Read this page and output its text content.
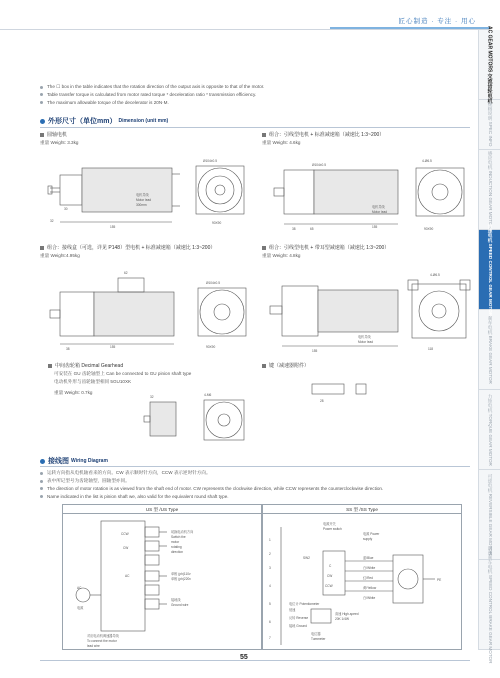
匠心制造 · 专注 · 用心
AC GEAR MOTORS 交流齿轮电机
规格说明 SPEC INFO
感应电机 INDUCTION GEAR MOTOR
调速电机 SPEED CONTROL GEAR MOTOR
刹车电机 BRAKE GEAR MOTOR
力矩电机 TORQUE GEAR MOTOR
可逆电机 REVERSIBLE GEAR MOTOR
调速刹车电机 SPEED CONTROL BRAKE GEAR MOTOR
The ☐ box in the table indicates that the rotation direction of the output axis is opposite to that of the motor.
Table transfer torque is calculated from motor rated torque * deceleration ratio * transmission efficiency.
The maximum allowable torque of the decelerator is 20N·M.
外形尺寸（单位mm） Dimension (unit mm)
圆轴电机
重量 Weight: 3.3kg
155
电机导线
Motor lead
300mm
Ø104±0.5
90X90
30
32
组合：引线型电机 + 标准减速箱（减速比 1:3~200）
重量 Weight: 4.6kg
38	65	155
电机导线
Motor lead
90X90
4-Ø6.5
Ø104±0.5
组合：接线盒（可选，详见 P148）型电机 + 标准减速箱（减速比 1:3~200）
重量 Weight:4.95kg
62
38	155	90X90
Ø104±0.5
组合：引线型电机 + 带耳型减速箱（减速比 1:3~200）
重量 Weight: 4.8kg
电机导线
Motor lead
155	118
4-Ø6.5
中间齿轮箱
Decimal Gearhead
可安装在 GU 齿轮轴型上 Can be connected to GU pinion shaft type
电动机外形与齿轮轴型相同 5GU10XK
重量 Weight: 0.7kg
32	4-M6
键（减速器附件）
28
接线图 Wiring Diagram
运转方向指从电机轴看来的方向。CW 表示顺时针方向，CCW 表示逆时针方向。
表中所记型号为齿轮轴型，圆轴型亦同。
The direction of motor rotation is as viewed from the shaft end of motor. CW represents the clockwise direction, while CCW represents the counterclockwise direction.
Name indicated in the list is pinion shaft we, also valid for the equivalent round shaft type.
US 型 /US Type
CCW
CW
AC
AC
电源
切换电动机方向
Switch the
motor
rotating
direction
单相 (ph)110v
单相 (ph)220v
接地线
Ground wire
对应电动机调速器导线
To connect the motor
lead wire
SS 型 /SS Type
1
2
3
4
5
6
7
电源开关
Power switch
电源 Power
supply
SW2
C
CW
CCW
蓝/Blue
白/White
红/Red
黄/Yellow
白/White
电位计 Potentiometer
低速
高速 High-speed
20K 1/4W
反转 Reverse
接地 Ground
电位器
Tummeter
PE
55
